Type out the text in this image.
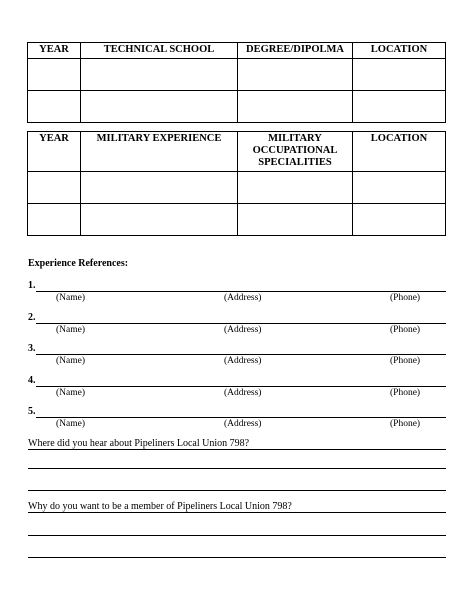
YEAR	TECHNICAL SCHOOL	DEGREE/DIPOLMA	LOCATION

YEAR	MILITARY EXPERIENCE	MILITARY OCCUPATIONAL SPECIALITIES	LOCATION

Experience References:
1.
(Name)	(Address)	(Phone)
2.
(Name)	(Address)	(Phone)
3.
(Name)	(Address)	(Phone)
4.
(Name)	(Address)	(Phone)
5.
(Name)	(Address)	(Phone)
Where did you hear about Pipeliners Local Union 798?
Why do you want to be a member of Pipeliners Local Union 798?
